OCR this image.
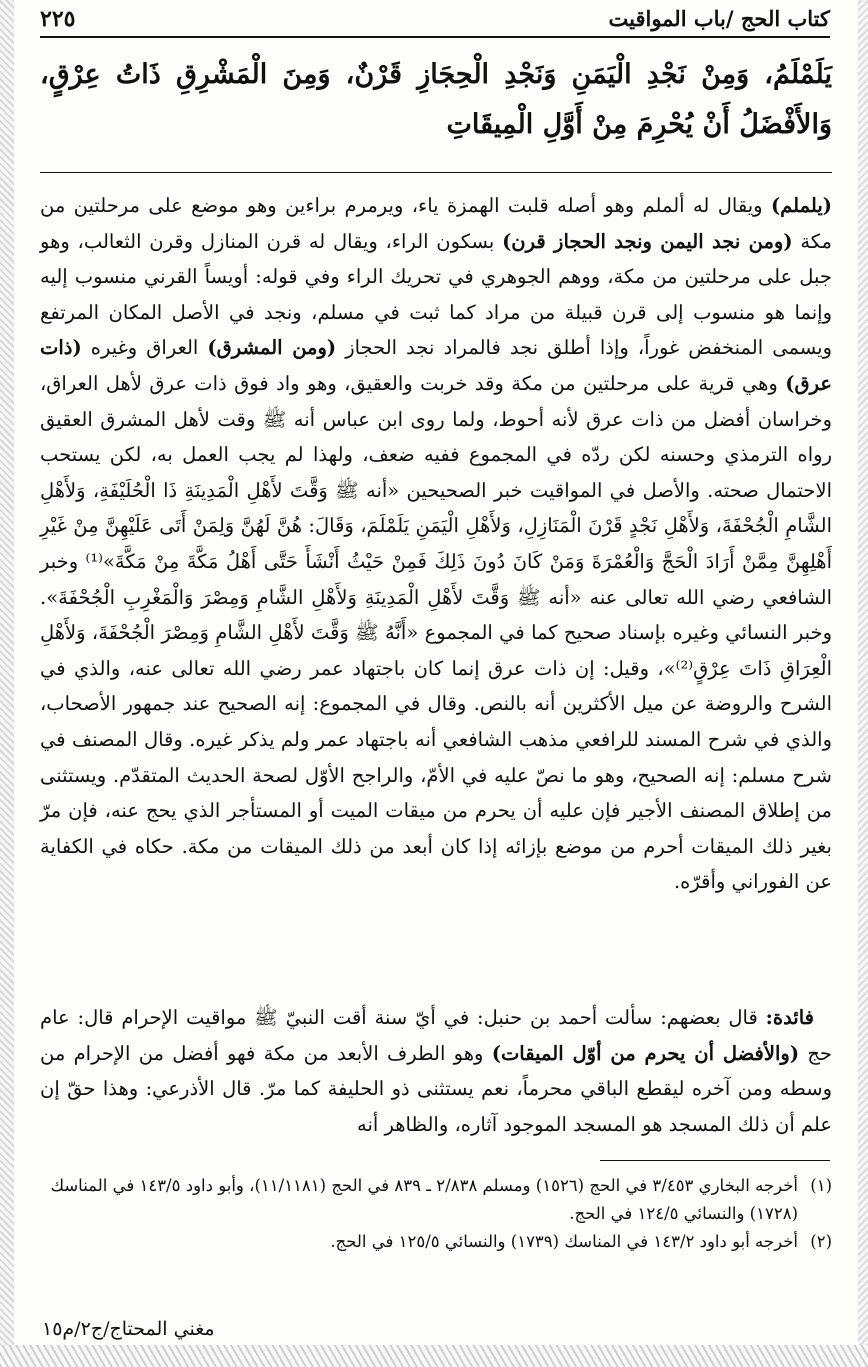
كتاب الحج /باب المواقيت
٢٢٥
يَلَمْلَمُ، وَمِنْ نَجْدِ الْيَمَنِ وَنَجْدِ الْحِجَازِ قَرْنٌ، وَمِنَ الْمَشْرِقِ ذَاتُ عِرْقٍ، وَالأَفْضَلُ أَنْ يُحْرِمَ مِنْ أَوَّلِ الْمِيقَاتِ

(يلملم) ويقال له ألملم وهو أصله قلبت الهمزة ياء، ويرمرم براءين وهو موضع على مرحلتين من مكة (ومن نجد اليمن ونجد الحجاز قرن) بسكون الراء، ويقال له قرن المنازل وقرن الثعالب، وهو جبل على مرحلتين من مكة، ووهم الجوهري في تحريك الراء وفي قوله: أويساً القرني منسوب إليه وإنما هو منسوب إلى قرن قبيلة من مراد كما ثبت في مسلم، ونجد في الأصل المكان المرتفع ويسمى المنخفض غوراً، وإذا أطلق نجد فالمراد نجد الحجاز (ومن المشرق) العراق وغيره (ذات عرق) وهي قرية على مرحلتين من مكة وقد خربت والعقيق، وهو واد فوق ذات عرق لأهل العراق، وخراسان أفضل من ذات عرق لأنه أحوط، ولما روى ابن عباس أنه ﷺ وقت لأهل المشرق العقيق رواه الترمذي وحسنه لكن ردّه في المجموع ففيه ضعف، ولهذا لم يجب العمل به، لكن يستحب الاحتمال صحته. والأصل في المواقيت خبر الصحيحين «أنه ﷺ وَقَّتَ لأَهْلِ الْمَدِينَةِ ذَا الْحُلَيْفَةِ، وَلأَهْلِ الشَّامِ الْجُحْفَةَ، وَلأَهْلِ نَجْدٍ قَرْنَ الْمَنَازِلِ، وَلأَهْلِ الْيَمَنِ يَلَمْلَمَ، وَقَالَ: هُنَّ لَهُنَّ وَلِمَنْ أَتَى عَلَيْهِنَّ مِنْ غَيْرِ أَهْلِهِنَّ مِمَّنْ أَرَادَ الْحَجَّ وَالْعُمْرَةَ وَمَنْ كَانَ دُونَ ذَلِكَ فَمِنْ حَيْثُ أَنْشَأَ حَتَّى أَهْلُ مَكَّةَ مِنْ مَكَّةَ»⁽¹⁾ وخبر الشافعي رضي الله تعالى عنه «أنه ﷺ وَقَّتَ لأَهْلِ الْمَدِينَةِ وَلأَهْلِ الشَّامِ وَمِصْرَ وَالْمَغْرِبِ الْجُحْفَةَ». وخبر النسائي وغيره بإسناد صحيح كما في المجموع «أَنَّهُ ﷺ وَقَّتَ لأَهْلِ الشَّامِ وَمِصْرَ الْجُحْفَةَ، وَلأَهْلِ الْعِرَاقِ ذَاتَ عِرْقٍ⁽²⁾»، وقيل: إن ذات عرق إنما كان باجتهاد عمر رضي الله تعالى عنه، والذي في الشرح والروضة عن ميل الأكثرين أنه بالنص. وقال في المجموع: إنه الصحيح عند جمهور الأصحاب، والذي في شرح المسند للرافعي مذهب الشافعي أنه باجتهاد عمر ولم يذكر غيره. وقال المصنف في شرح مسلم: إنه الصحيح، وهو ما نصّ عليه في الأمّ، والراجح الأوّل لصحة الحديث المتقدّم. ويستثنى من إطلاق المصنف الأجير فإن عليه أن يحرم من ميقات الميت أو المستأجر الذي يحج عنه، فإن مرّ بغير ذلك الميقات أحرم من موضع بإزائه إذا كان أبعد من ذلك الميقات من مكة. حكاه في الكفاية عن الفوراني وأقرّه.

فائدة: قال بعضهم: سألت أحمد بن حنبل: في أيّ سنة أقت النبيّ ﷺ مواقيت الإحرام قال: عام حج (والأفضل أن يحرم من أوّل الميقات) وهو الطرف الأبعد من مكة فهو أفضل من الإحرام من وسطه ومن آخره ليقطع الباقي محرماً، نعم يستثنى ذو الحليفة كما مرّ. قال الأذرعي: وهذا حقّ إن علم أن ذلك المسجد هو المسجد الموجود آثاره، والظاهر أنه

(١)
أخرجه البخاري ٣/٤٥٣ في الحج (١٥٢٦) ومسلم ٢/٨٣٨ ـ ٨٣٩ في الحج (١١/١١٨١)، وأبو داود ١٤٣/٥ في المناسك (١٧٢٨) والنسائي ١٢٤/٥ في الحج.
(٢)
أخرجه أبو داود ١٤٣/٢ في المناسك (١٧٣٩) والنسائي ١٢٥/٥ في الحج.
مغني المحتاج/ج٢/م١٥
